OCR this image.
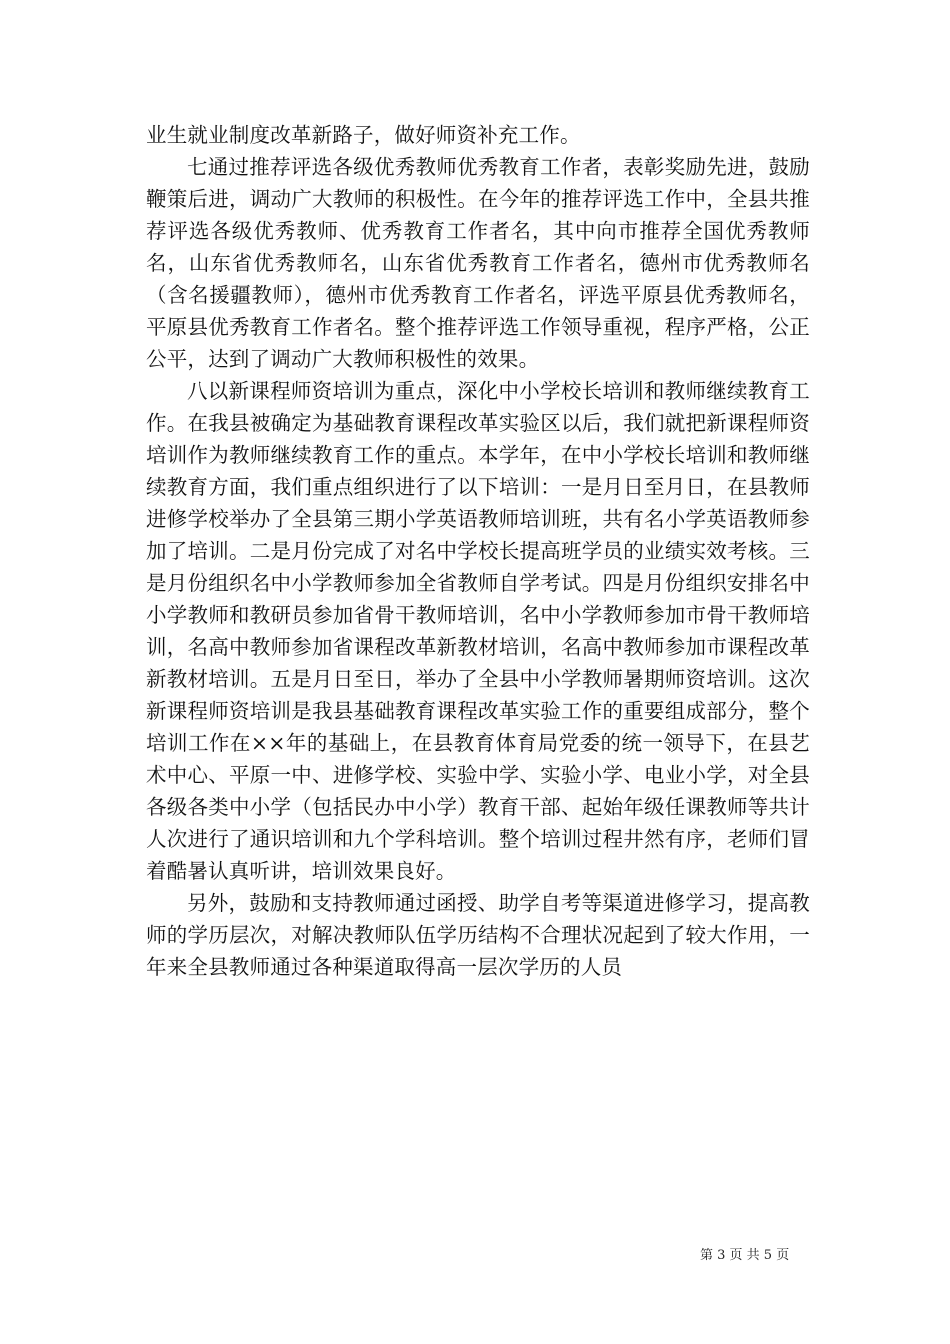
业生就业制度改革新路子，做好师资补充工作。

七通过推荐评选各级优秀教师优秀教育工作者，表彰奖励先进，鼓励鞭策后进，调动广大教师的积极性。在今年的推荐评选工作中，全县共推荐评选各级优秀教师、优秀教育工作者名，其中向市推荐全国优秀教师名，山东省优秀教师名，山东省优秀教育工作者名，德州市优秀教师名（含名援疆教师），德州市优秀教育工作者名，评选平原县优秀教师名，平原县优秀教育工作者名。整个推荐评选工作领导重视，程序严格，公正公平，达到了调动广大教师积极性的效果。

八以新课程师资培训为重点，深化中小学校长培训和教师继续教育工作。在我县被确定为基础教育课程改革实验区以后，我们就把新课程师资培训作为教师继续教育工作的重点。本学年，在中小学校长培训和教师继续教育方面，我们重点组织进行了以下培训：一是月日至月日，在县教师进修学校举办了全县第三期小学英语教师培训班，共有名小学英语教师参加了培训。二是月份完成了对名中学校长提高班学员的业绩实效考核。三是月份组织名中小学教师参加全省教师自学考试。四是月份组织安排名中小学教师和教研员参加省骨干教师培训，名中小学教师参加市骨干教师培训，名高中教师参加省课程改革新教材培训，名高中教师参加市课程改革新教材培训。五是月日至日，举办了全县中小学教师暑期师资培训。这次新课程师资培训是我县基础教育课程改革实验工作的重要组成部分，整个培训工作在××年的基础上，在县教育体育局党委的统一领导下，在县艺术中心、平原一中、进修学校、实验中学、实验小学、电业小学，对全县各级各类中小学（包括民办中小学）教育干部、起始年级任课教师等共计人次进行了通识培训和九个学科培训。整个培训过程井然有序，老师们冒着酷暑认真听讲，培训效果良好。

另外，鼓励和支持教师通过函授、助学自考等渠道进修学习，提高教师的学历层次，对解决教师队伍学历结构不合理状况起到了较大作用，一年来全县教师通过各种渠道取得高一层次学历的人员

第 3 页 共 5 页
